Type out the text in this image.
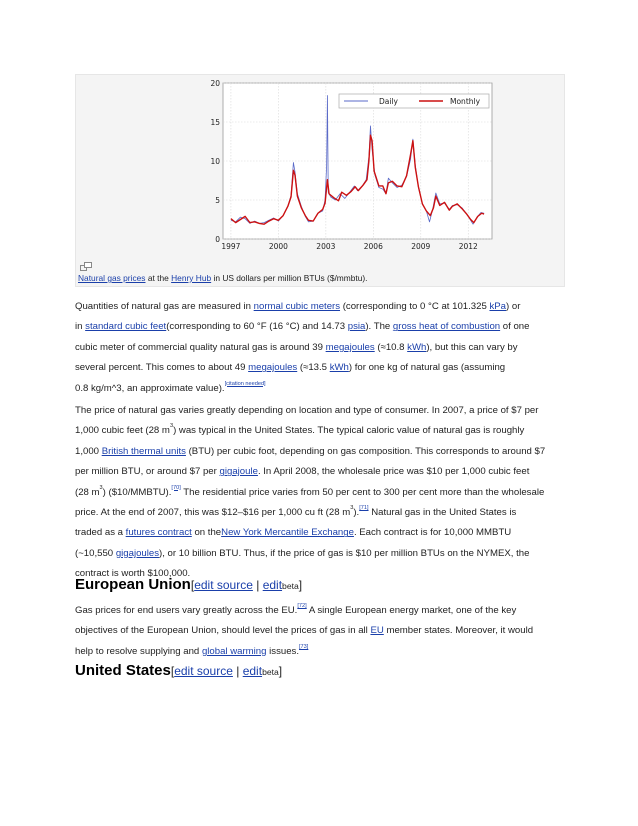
0
5
10
15
20
1997	2000	2003	2006	2009	2012
Daily	Monthly
Natural gas prices at the Henry Hub in US dollars per million BTUs ($/mmbtu).

Quantities of natural gas are measured in normal cubic meters (corresponding to 0 °C at 101.325 kPa) or
in standard cubic feet(corresponding to 60 °F (16 °C) and 14.73 psia). The gross heat of combustion of one
cubic meter of commercial quality natural gas is around 39 megajoules (≈10.8 kWh), but this can vary by
several percent. This comes to about 49 megajoules (≈13.5 kWh) for one kg of natural gas (assuming
0.8 kg/m^3, an approximate value).[citation needed]

The price of natural gas varies greatly depending on location and type of consumer. In 2007, a price of $7 per
1,000 cubic feet (28 $m^3$) was typical in the United States. The typical caloric value of natural gas is roughly
1,000 British thermal units (BTU) per cubic foot, depending on gas composition. This corresponds to around $7
per million BTU, or around $7 per gigajoule. In April 2008, the wholesale price was $10 per 1,000 cubic feet
(28 $m^3$) ($10/MMBTU).[70] The residential price varies from 50 per cent to 300 per cent more than the wholesale
price. At the end of 2007, this was $12–$16 per 1,000 cu ft (28 $m^3).[71]$ Natural gas in the United States is
traded as a futures contract on theNew York Mercantile Exchange. Each contract is for 10,000 MMBTU
(~10,550 gigajoules), or 10 billion BTU. Thus, if the price of gas is $10 per million BTUs on the NYMEX, the
contract is worth $100,000.

European Union[edit source | editbeta]

Gas prices for end users vary greatly across the EU.[72] A single European energy market, one of the key
objectives of the European Union, should level the prices of gas in all EU member states. Moreover, it would
help to resolve supplying and global warming issues.[73]

United States[edit source | editbeta]
